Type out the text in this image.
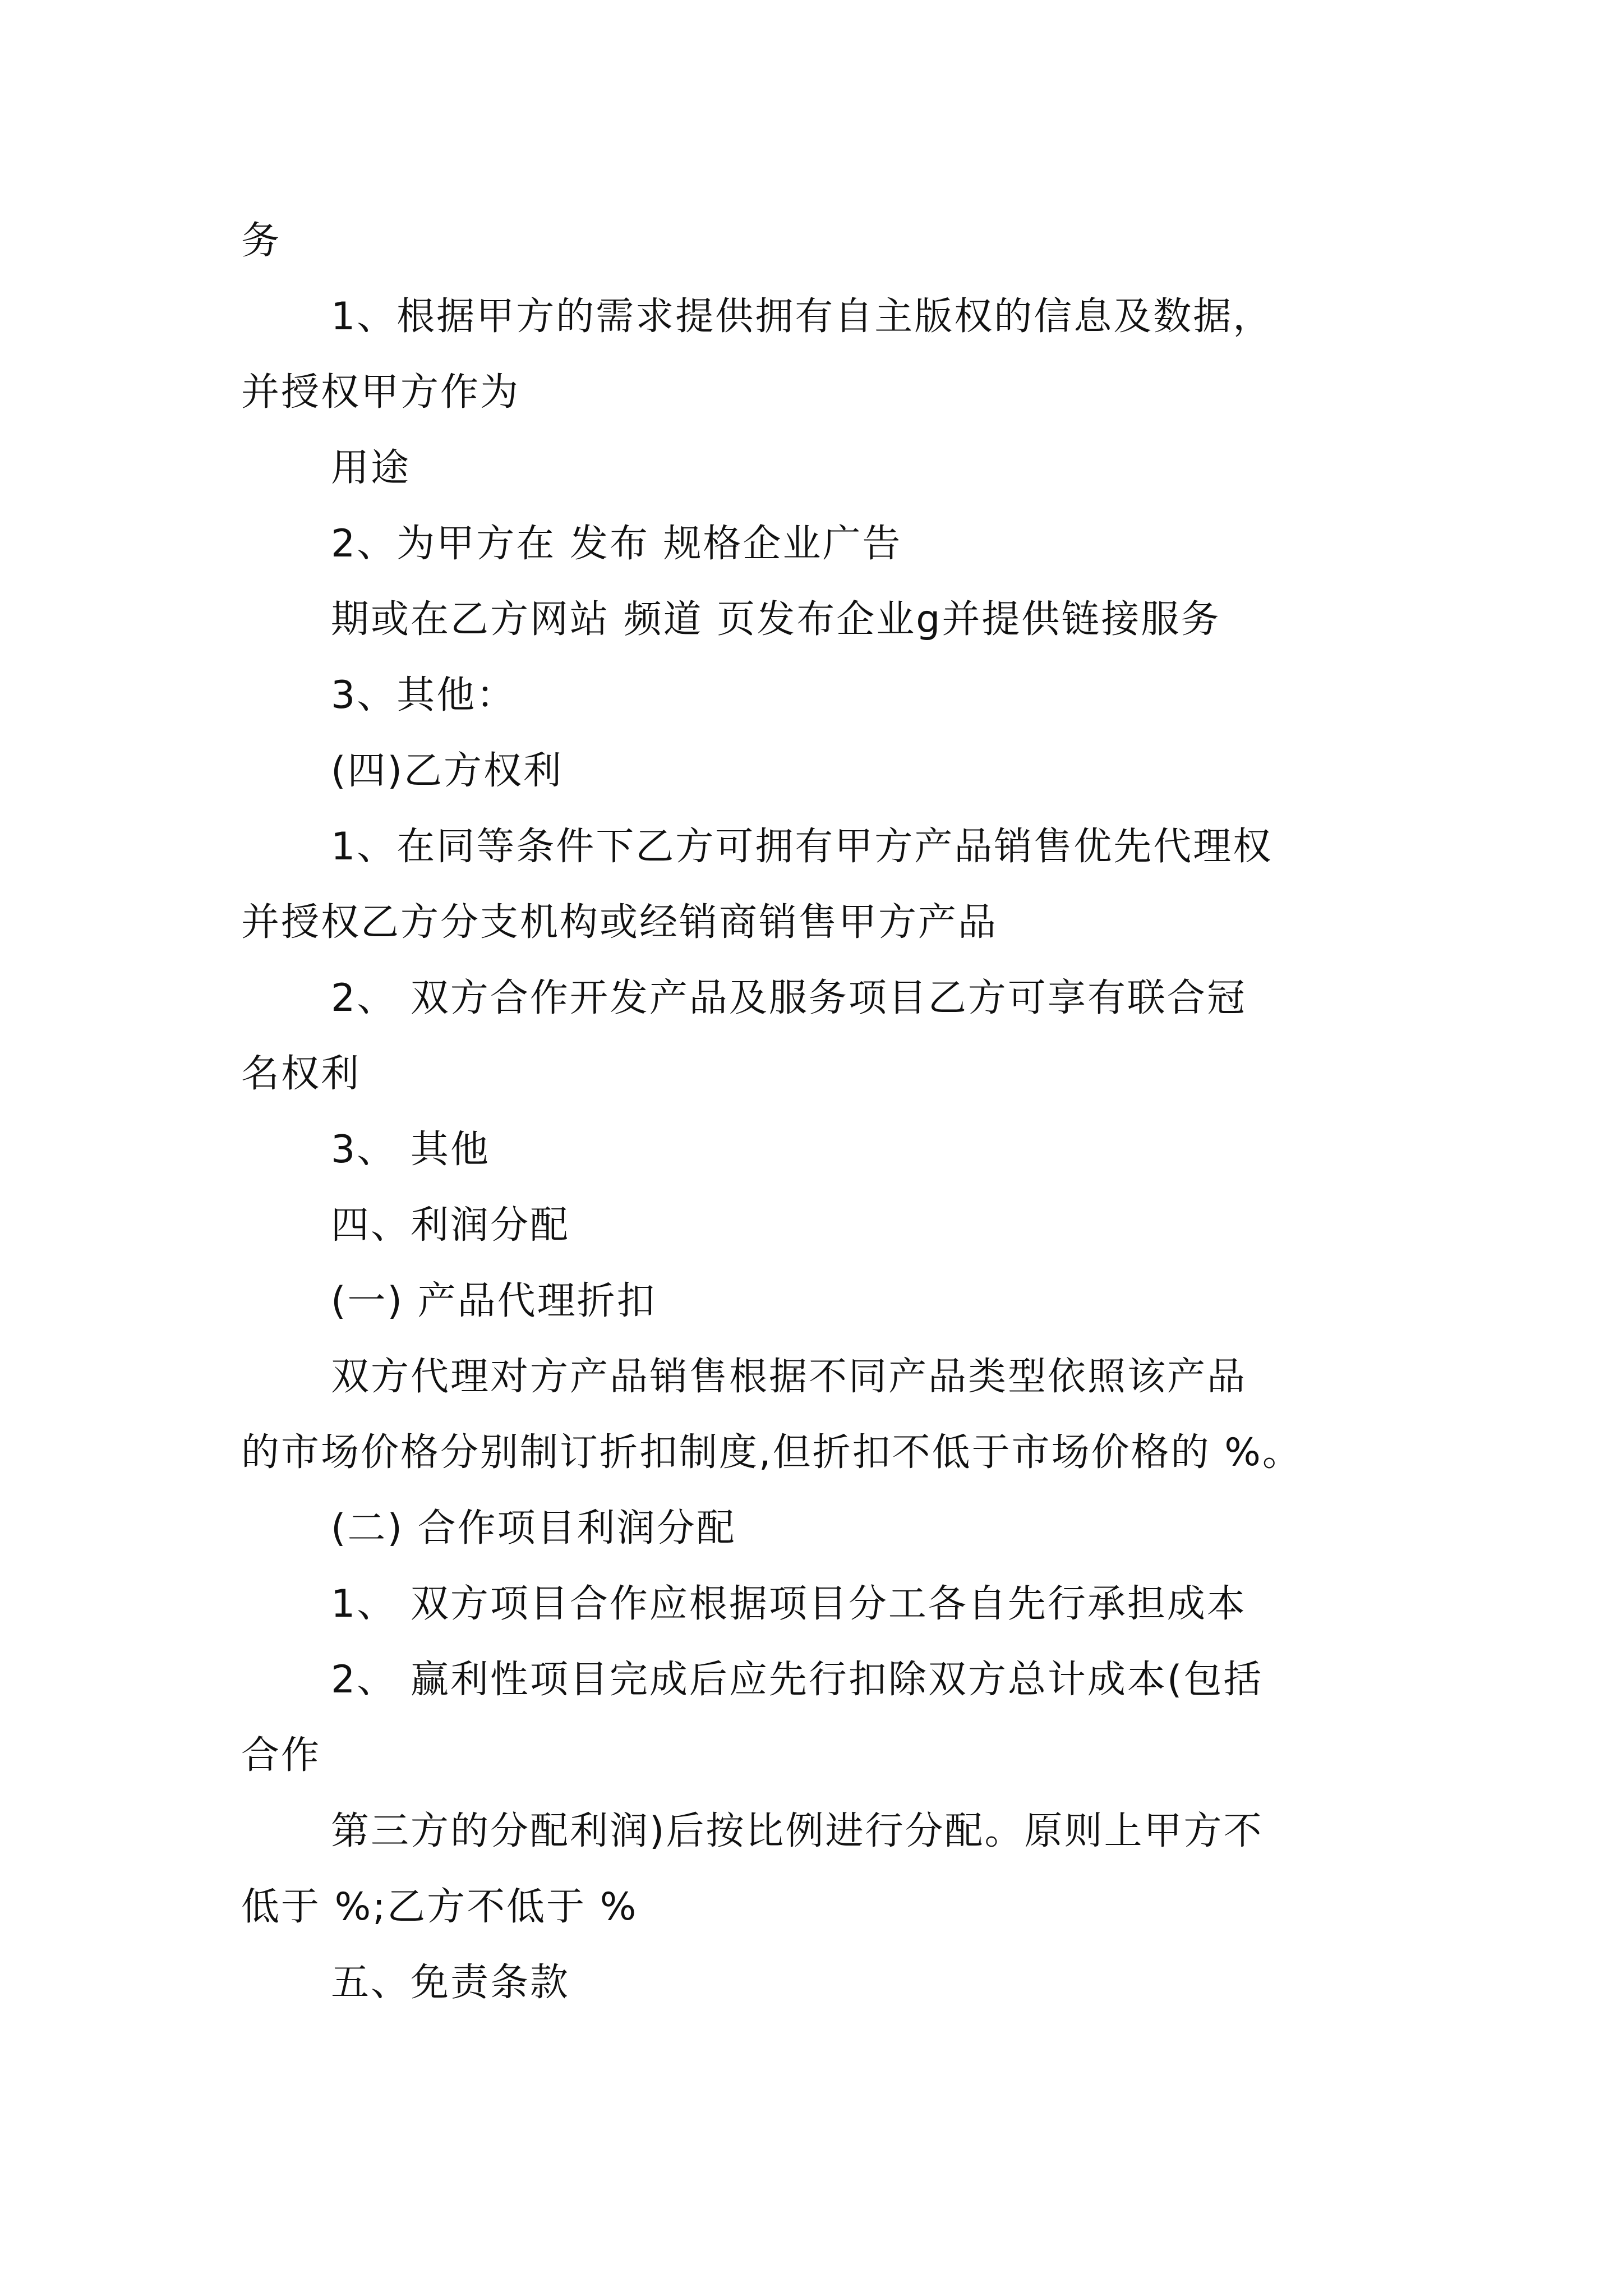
务
1、根据甲方的需求提供拥有自主版权的信息及数据，
并授权甲方作为
用途
2、为甲方在 发布 规格企业广告
期或在乙方网站 频道 页发布企业g并提供链接服务
3、其他：
(四)乙方权利
1、在同等条件下乙方可拥有甲方产品销售优先代理权
并授权乙方分支机构或经销商销售甲方产品
2、 双方合作开发产品及服务项目乙方可享有联合冠
名权利
3、 其他
四、利润分配
(一) 产品代理折扣
双方代理对方产品销售根据不同产品类型依照该产品
的市场价格分别制订折扣制度,但折扣不低于市场价格的 %。
(二) 合作项目利润分配
1、 双方项目合作应根据项目分工各自先行承担成本
2、 赢利性项目完成后应先行扣除双方总计成本(包括
合作
第三方的分配利润)后按比例进行分配。原则上甲方不
低于 %;乙方不低于 %
五、免责条款
